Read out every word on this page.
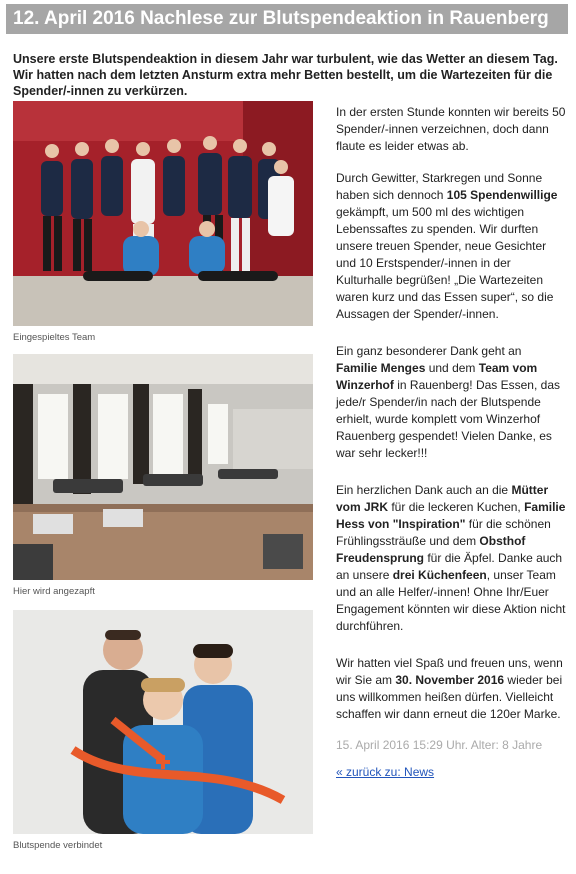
12. April 2016 Nachlese zur Blutspendeaktion in Rauenberg
Unsere erste Blutspendeaktion in diesem Jahr war turbulent, wie das Wetter an diesem Tag. Wir hatten nach dem letzten Ansturm extra mehr Betten bestellt, um die Wartezeiten für die Spender/-innen zu verkürzen.
Eingespieltes Team
Hier wird angezapft
Blutspende verbindet
In der ersten Stunde konnten wir bereits 50 Spender/-innen verzeichnen, doch dann flaute es leider etwas ab.
Durch Gewitter, Starkregen und Sonne haben sich dennoch 105 Spendenwillige gekämpft, um 500 ml des wichtigen Lebenssaftes zu spenden. Wir durften unsere treuen Spender, neue Gesichter und 10 Erstspender/-innen in der Kulturhalle begrüßen! „Die Wartezeiten waren kurz und das Essen super“, so die Aussagen der Spender/-innen.
Ein ganz besonderer Dank geht an Familie Menges und dem Team vom Winzerhof in Rauenberg! Das Essen, das jede/r Spender/in nach der Blutspende erhielt, wurde komplett vom Winzerhof Rauenberg gespendet! Vielen Danke, es war sehr lecker!!!
Ein herzlichen Dank auch an die Mütter vom JRK für die leckeren Kuchen, Familie Hess von "Inspiration" für die schönen Frühlingssträuße und dem Obsthof Freudensprung für die Äpfel. Danke auch an unsere drei Küchenfeen, unser Team und an alle Helfer/-innen! Ohne Ihr/Euer Engagement könnten wir diese Aktion nicht durchführen.
Wir hatten viel Spaß und freuen uns, wenn wir Sie am 30. November 2016 wieder bei uns willkommen heißen dürfen. Vielleicht schaffen wir dann erneut die 120er Marke.
15. April 2016 15:29 Uhr. Alter: 8 Jahre
« zurück zu: News
